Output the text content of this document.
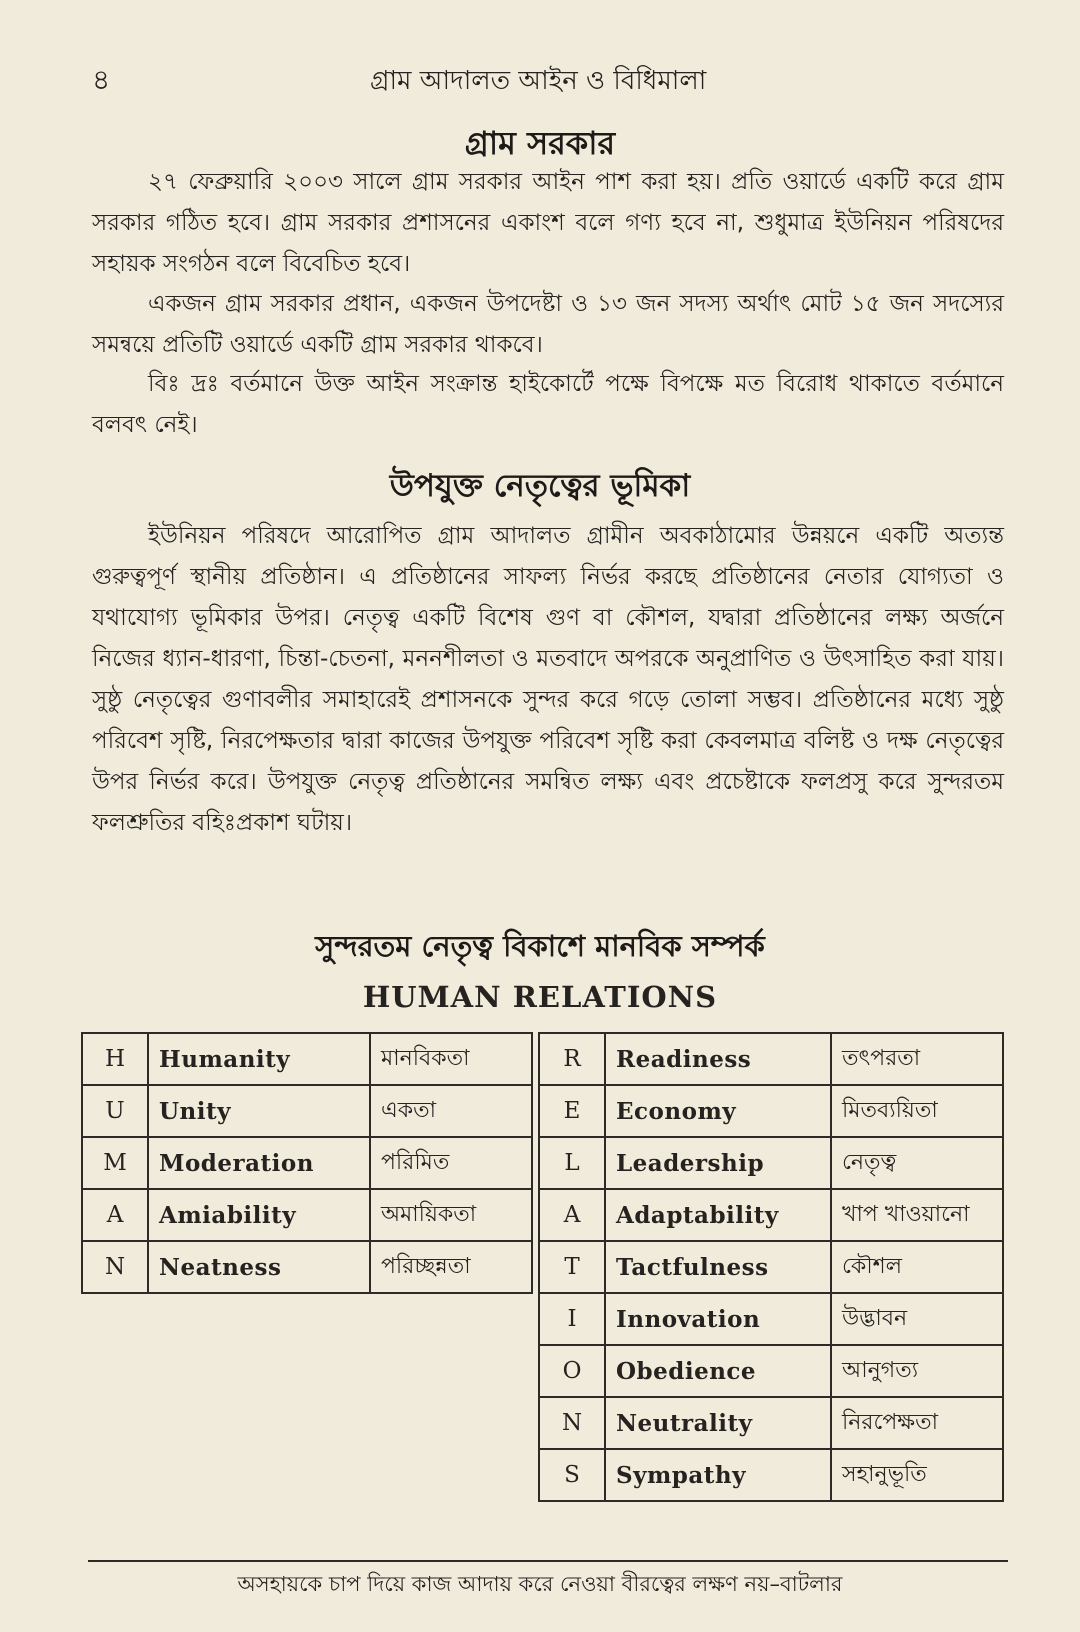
৪	গ্রাম আদালত আইন ও বিধিমালা
গ্রাম সরকার

২৭ ফেব্রুয়ারি ২০০৩ সালে গ্রাম সরকার আইন পাশ করা হয়। প্রতি ওয়ার্ডে একটি করে গ্রাম সরকার গঠিত হবে। গ্রাম সরকার প্রশাসনের একাংশ বলে গণ্য হবে না, শুধুমাত্র ইউনিয়ন পরিষদের সহায়ক সংগঠন বলে বিবেচিত হবে।

একজন গ্রাম সরকার প্রধান, একজন উপদেষ্টা ও ১৩ জন সদস্য অর্থাৎ মোট ১৫ জন সদস্যের সমন্বয়ে প্রতিটি ওয়ার্ডে একটি গ্রাম সরকার থাকবে।

বিঃ দ্রঃ বর্তমানে উক্ত আইন সংক্রান্ত হাইকোর্টে পক্ষে বিপক্ষে মত বিরোধ থাকাতে বর্তমানে বলবৎ নেই।

উপযুক্ত নেতৃত্বের ভূমিকা

ইউনিয়ন পরিষদে আরোপিত গ্রাম আদালত গ্রামীন অবকাঠামোর উন্নয়নে একটি অত্যন্ত গুরুত্বপূর্ণ স্থানীয় প্রতিষ্ঠান। এ প্রতিষ্ঠানের সাফল্য নির্ভর করছে প্রতিষ্ঠানের নেতার যোগ্যতা ও যথাযোগ্য ভূমিকার উপর। নেতৃত্ব একটি বিশেষ গুণ বা কৌশল, যদ্বারা প্রতিষ্ঠানের লক্ষ্য অর্জনে নিজের ধ্যান-ধারণা, চিন্তা-চেতনা, মননশীলতা ও মতবাদে অপরকে অনুপ্রাণিত ও উৎসাহিত করা যায়। সুষ্ঠু নেতৃত্বের গুণাবলীর সমাহারেই প্রশাসনকে সুন্দর করে গড়ে তোলা সম্ভব। প্রতিষ্ঠানের মধ্যে সুষ্ঠু পরিবেশ সৃষ্টি, নিরপেক্ষতার দ্বারা কাজের উপযুক্ত পরিবেশ সৃষ্টি করা কেবলমাত্র বলিষ্ট ও দক্ষ নেতৃত্বের উপর নির্ভর করে। উপযুক্ত নেতৃত্ব প্রতিষ্ঠানের সমন্বিত লক্ষ্য এবং প্রচেষ্টাকে ফলপ্রসু করে সুন্দরতম ফলশ্রুতির বহিঃপ্রকাশ ঘটায়।

সুন্দরতম নেতৃত্ব বিকাশে মানবিক সম্পর্ক
HUMAN RELATIONS
H	Humanity	মানবিকতা
U	Unity	একতা
M	Moderation	পরিমিত
A	Amiability	অমায়িকতা
N	Neatness	পরিচ্ছন্নতা
R	Readiness	তৎপরতা
E	Economy	মিতব্যয়িতা
L	Leadership	নেতৃত্ব
A	Adaptability	খাপ খাওয়ানো
T	Tactfulness	কৌশল
I	Innovation	উদ্ভাবন
O	Obedience	আনুগত্য
N	Neutrality	নিরপেক্ষতা
S	Sympathy	সহানুভূতি
অসহায়কে চাপ দিয়ে কাজ আদায় করে নেওয়া বীরত্বের লক্ষণ নয়–বাটলার
